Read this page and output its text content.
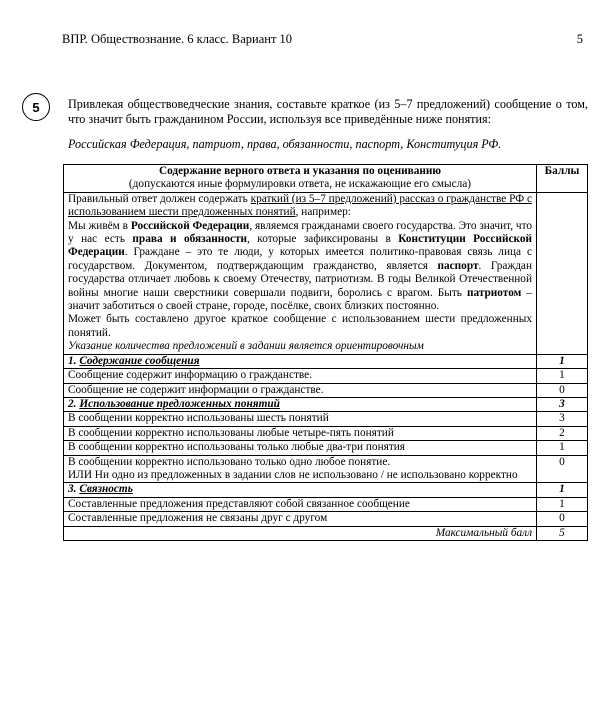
ВПР. Обществознание. 6 класс. Вариант 10	5
5	Привлекая обществоведческие знания, составьте краткое (из 5–7 предложений) сообщение о том, что значит быть гражданином России, используя все приведённые ниже понятия:
Российская Федерация, патриот, права, обязанности, паспорт, Конституция РФ.
Содержание верного ответа и указания по оцениванию
(допускаются иные формулировки ответа, не искажающие его смысла)	Баллы

Правильный ответ должен содержать краткий (из 5–7 предложений) рассказ о гражданстве РФ с использованием шести предложенных понятий, например:

Мы живём в Российской Федерации, являемся гражданами своего государства. Это значит, что у нас есть права и обязанности, которые зафиксированы в Конституции Российской Федерации. Граждане – это те люди, у которых имеется политико-правовая связь лица с государством. Документом, подтверждающим гражданство, является паспорт. Граждан государства отличает любовь к своему Отечеству, патриотизм. В годы Великой Отечественной войны многие наши сверстники совершали подвиги, боролись с врагом. Быть патриотом – значит заботиться о своей стране, городе, посёлке, своих близких постоянно.

Может быть составлено другое краткое сообщение с использованием шести предложенных понятий.

Указание количества предложений в задании является ориентировочным	

1. Содержание сообщения	1
Сообщение содержит информацию о гражданстве.	1
Сообщение не содержит информации о гражданстве.	0
2. Использование предложенных понятий	3
В сообщении корректно использованы шесть понятий	3
В сообщении корректно использованы любые четыре-пять понятий	2
В сообщении корректно использованы только любые два-три понятия	1

В сообщении корректно использовано только одно любое понятие.
ИЛИ Ни одно из предложенных в задании слов не использовано / не использовано корректно	0
3. Связность	1
Составленные предложения представляют собой связанное сообщение	1
Составленные предложения не связаны друг с другом	0
Максимальный балл	5
